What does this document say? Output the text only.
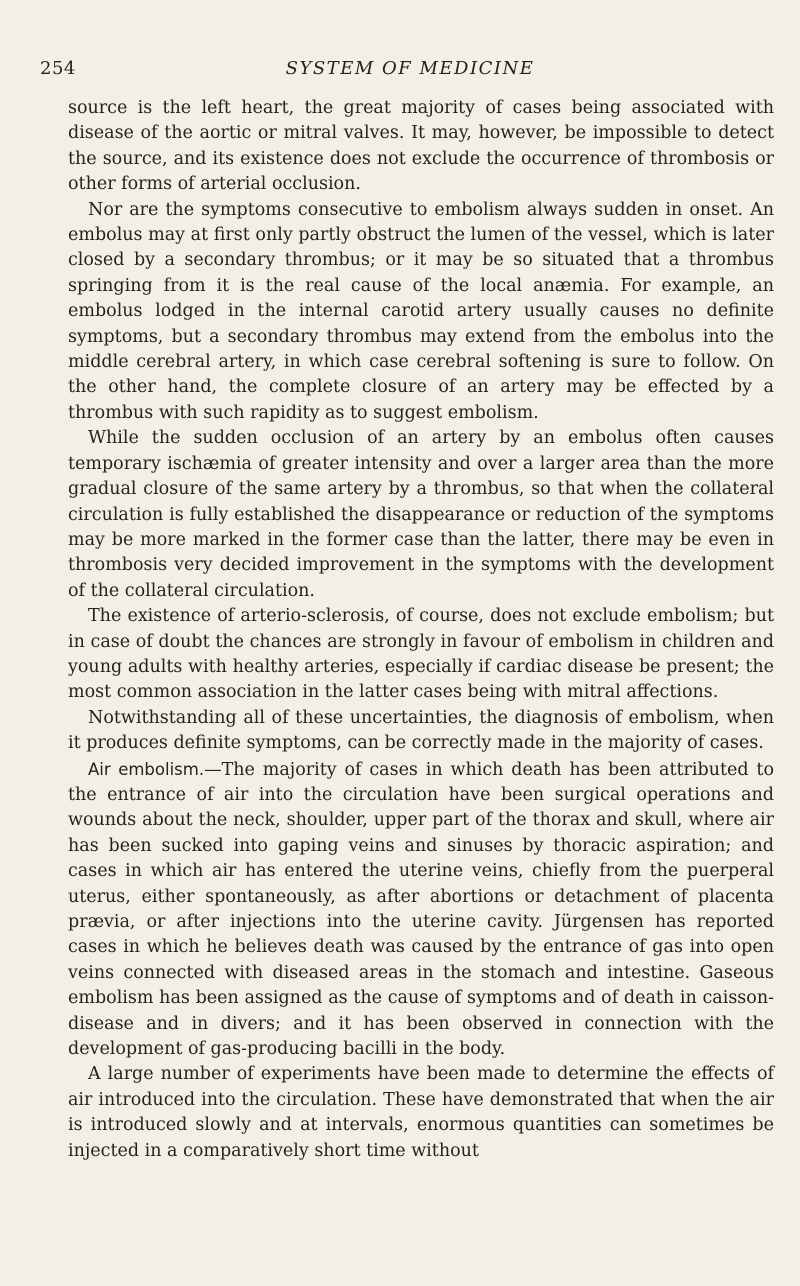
254	SYSTEM OF MEDICINE

source is the left heart, the great majority of cases being associated with disease of the aortic or mitral valves. It may, however, be impossible to detect the source, and its existence does not exclude the occurrence of thrombosis or other forms of arterial occlusion.

Nor are the symptoms consecutive to embolism always sudden in onset. An embolus may at first only partly obstruct the lumen of the vessel, which is later closed by a secondary thrombus; or it may be so situated that a thrombus springing from it is the real cause of the local anæmia. For example, an embolus lodged in the internal carotid artery usually causes no definite symptoms, but a secondary thrombus may extend from the embolus into the middle cerebral artery, in which case cerebral softening is sure to follow. On the other hand, the complete closure of an artery may be effected by a thrombus with such rapidity as to suggest embolism.

While the sudden occlusion of an artery by an embolus often causes temporary ischæmia of greater intensity and over a larger area than the more gradual closure of the same artery by a thrombus, so that when the collateral circulation is fully established the disappearance or reduction of the symptoms may be more marked in the former case than the latter, there may be even in thrombosis very decided improvement in the symptoms with the development of the collateral circulation.

The existence of arterio-sclerosis, of course, does not exclude embolism; but in case of doubt the chances are strongly in favour of embolism in children and young adults with healthy arteries, especially if cardiac disease be present; the most common association in the latter cases being with mitral affections.

Notwithstanding all of these uncertainties, the diagnosis of embolism, when it produces definite symptoms, can be correctly made in the majority of cases.

Air embolism.—The majority of cases in which death has been attributed to the entrance of air into the circulation have been surgical operations and wounds about the neck, shoulder, upper part of the thorax and skull, where air has been sucked into gaping veins and sinuses by thoracic aspiration; and cases in which air has entered the uterine veins, chiefly from the puerperal uterus, either spontaneously, as after abortions or detachment of placenta prævia, or after injections into the uterine cavity. Jürgensen has reported cases in which he believes death was caused by the entrance of gas into open veins connected with diseased areas in the stomach and intestine. Gaseous embolism has been assigned as the cause of symptoms and of death in caisson-disease and in divers; and it has been observed in connection with the development of gas-producing bacilli in the body.

A large number of experiments have been made to determine the effects of air introduced into the circulation. These have demonstrated that when the air is introduced slowly and at intervals, enormous quantities can sometimes be injected in a comparatively short time without
